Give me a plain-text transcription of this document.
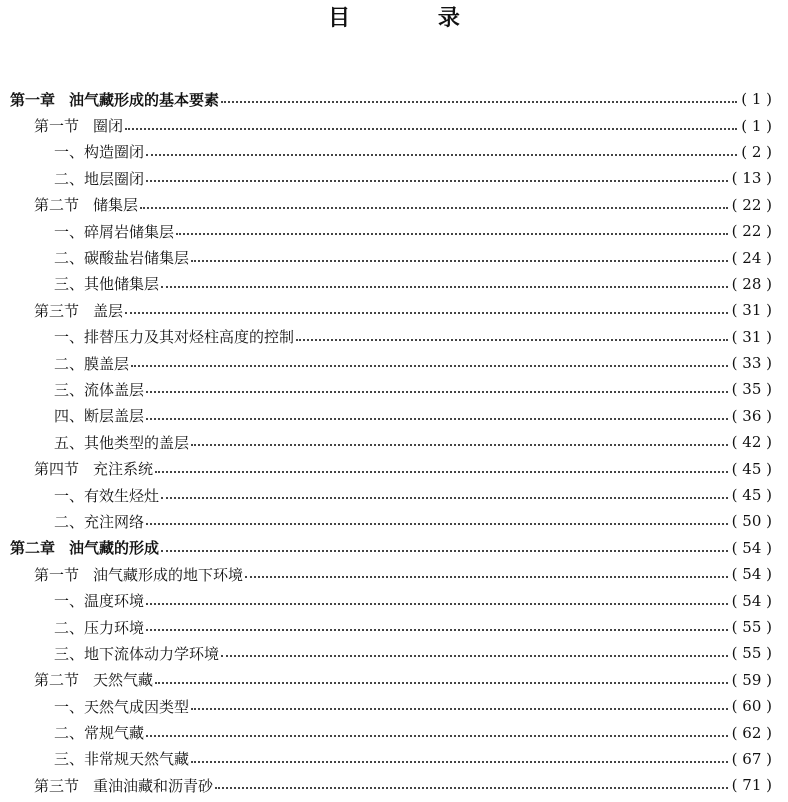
目 录
第一章 油气藏形成的基本要素	( 1 )
第一节 圈闭	( 1 )
一、构造圈闭	( 2 )
二、地层圈闭	( 13 )
第二节 储集层	( 22 )
一、碎屑岩储集层	( 22 )
二、碳酸盐岩储集层	( 24 )
三、其他储集层	( 28 )
第三节 盖层	( 31 )
一、排替压力及其对烃柱高度的控制	( 31 )
二、膜盖层	( 33 )
三、流体盖层	( 35 )
四、断层盖层	( 36 )
五、其他类型的盖层	( 42 )
第四节 充注系统	( 45 )
一、有效生烃灶	( 45 )
二、充注网络	( 50 )
第二章 油气藏的形成	( 54 )
第一节 油气藏形成的地下环境	( 54 )
一、温度环境	( 54 )
二、压力环境	( 55 )
三、地下流体动力学环境	( 55 )
第二节 天然气藏	( 59 )
一、天然气成因类型	( 60 )
二、常规气藏	( 62 )
三、非常规天然气藏	( 67 )
第三节 重油油藏和沥青砂	( 71 )
